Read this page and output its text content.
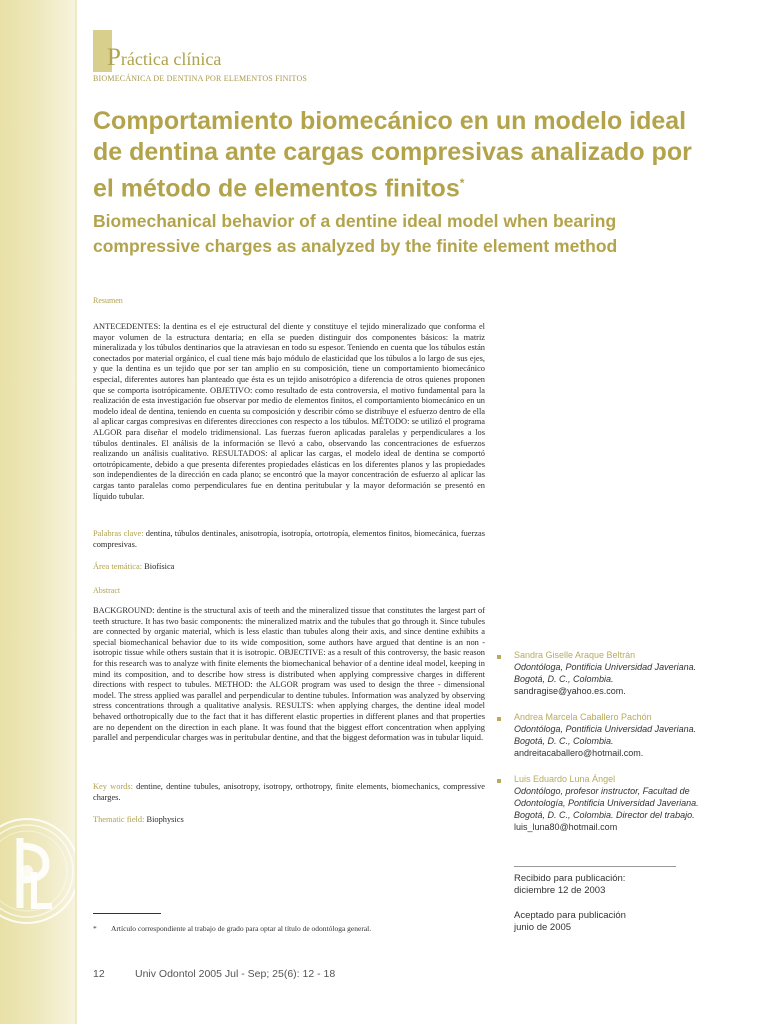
Práctica clínica
BIOMECÁNICA DE DENTINA POR ELEMENTOS FINITOS
Comportamiento biomecánico en un modelo ideal de dentina ante cargas compresivas analizado por el método de elementos finitos*
Biomechanical behavior of a dentine ideal model when bearing compressive charges as analyzed by the finite element method
Resumen
ANTECEDENTES: la dentina es el eje estructural del diente y constituye el tejido mineralizado que conforma el mayor volumen de la estructura dentaria; en ella se pueden distinguir dos componentes básicos: la matriz mineralizada y los túbulos dentinarios que la atraviesan en todo su espesor. Teniendo en cuenta que los túbulos están conectados por material orgánico, el cual tiene más bajo módulo de elasticidad que los túbulos a lo largo de sus ejes, y que la dentina es un tejido que por ser tan amplio en su composición, tiene un comportamiento biomecánico especial, diferentes autores han planteado que ésta es un tejido anisotrópico a diferencia de otros quienes proponen que se comporta isotrópicamente. OBJETIVO: como resultado de esta controversia, el motivo fundamental para la realización de esta investigación fue observar por medio de elementos finitos, el comportamiento biomecánico en un modelo ideal de dentina, teniendo en cuenta su composición y describir cómo se distribuye el esfuerzo dentro de ella al aplicar cargas compresivas en diferentes direcciones con respecto a los túbulos. MÉTODO: se utilizó el programa ALGOR para diseñar el modelo tridimensional. Las fuerzas fueron aplicadas paralelas y perpendiculares a los túbulos dentinales. El análisis de la información se llevó a cabo, observando las concentraciones de esfuerzos realizando un análisis cualitativo. RESULTADOS: al aplicar las cargas, el modelo ideal de dentina se comportó ortotrópicamente, debido a que presenta diferentes propiedades elásticas en los diferentes planos y las propiedades son independientes de la dirección en cada plano; se encontró que la mayor concentración de esfuerzo al aplicar las cargas tanto paralelas como perpendiculares fue en dentina peritubular y la mayor deformación se presentó en líquido tubular.
Palabras clave: dentina, túbulos dentinales, anisotropía, isotropía, ortotropía, elementos finitos, biomecánica, fuerzas compresivas.
Área temática: Biofísica
Abstract
BACKGROUND: dentine is the structural axis of teeth and the mineralized tissue that constitutes the largest part of teeth structure. It has two basic components: the mineralized matrix and the tubules that go through it. Since tubules are connected by organic material, which is less elastic than tubules along their axis, and since dentine exhibits a special biomechanical behavior due to its wide composition, some authors have argued that dentine is an non - isotropic tissue while others sustain that it is isotropic. OBJECTIVE: as a result of this controversy, the basic reason for this research was to analyze with finite elements the biomechanical behavior of a dentine ideal model, keeping in mind its composition, and to describe how stress is distributed when applying compressive charges in different directions with respect to tubules. METHOD: the ALGOR program was used to design the three - dimensional model. The stress applied was parallel and perpendicular to dentine tubules. Information was analyzed by observing stress concentrations through a qualitative analysis. RESULTS: when applying charges, the dentine ideal model behaved orthotropically due to the fact that it has different elastic properties in different planes and that properties are no dependent on the direction in each plane. It was found that the biggest effort concentration when applying parallel and perpendicular charges was in peritubular dentine, and that the biggest deformation was in tubular liquid.
Key words: dentine, dentine tubules, anisotropy, isotropy, orthotropy, finite elements, biomechanics, compressive charges.
Thematic field: Biophysics
* Artículo correspondiente al trabajo de grado para optar al título de odontóloga general.
12	Univ Odontol 2005 Jul - Sep; 25(6): 12 - 18
Sandra Giselle Araque Beltrán
Odontóloga, Pontificia Universidad Javeriana. Bogotá, D. C., Colombia.
sandragise@yahoo.es.com.
Andrea Marcela Caballero Pachón
Odontóloga, Pontificia Universidad Javeriana. Bogotá, D. C., Colombia.
andreitacaballero@hotmail.com.
Luis Eduardo Luna Ángel
Odontólogo, profesor instructor, Facultad de Odontología, Pontificia Universidad Javeriana. Bogotá, D. C., Colombia. Director del trabajo.
luis_luna80@hotmail.com
Recibido para publicación:
diciembre 12 de 2003
Aceptado para publicación
junio de 2005
